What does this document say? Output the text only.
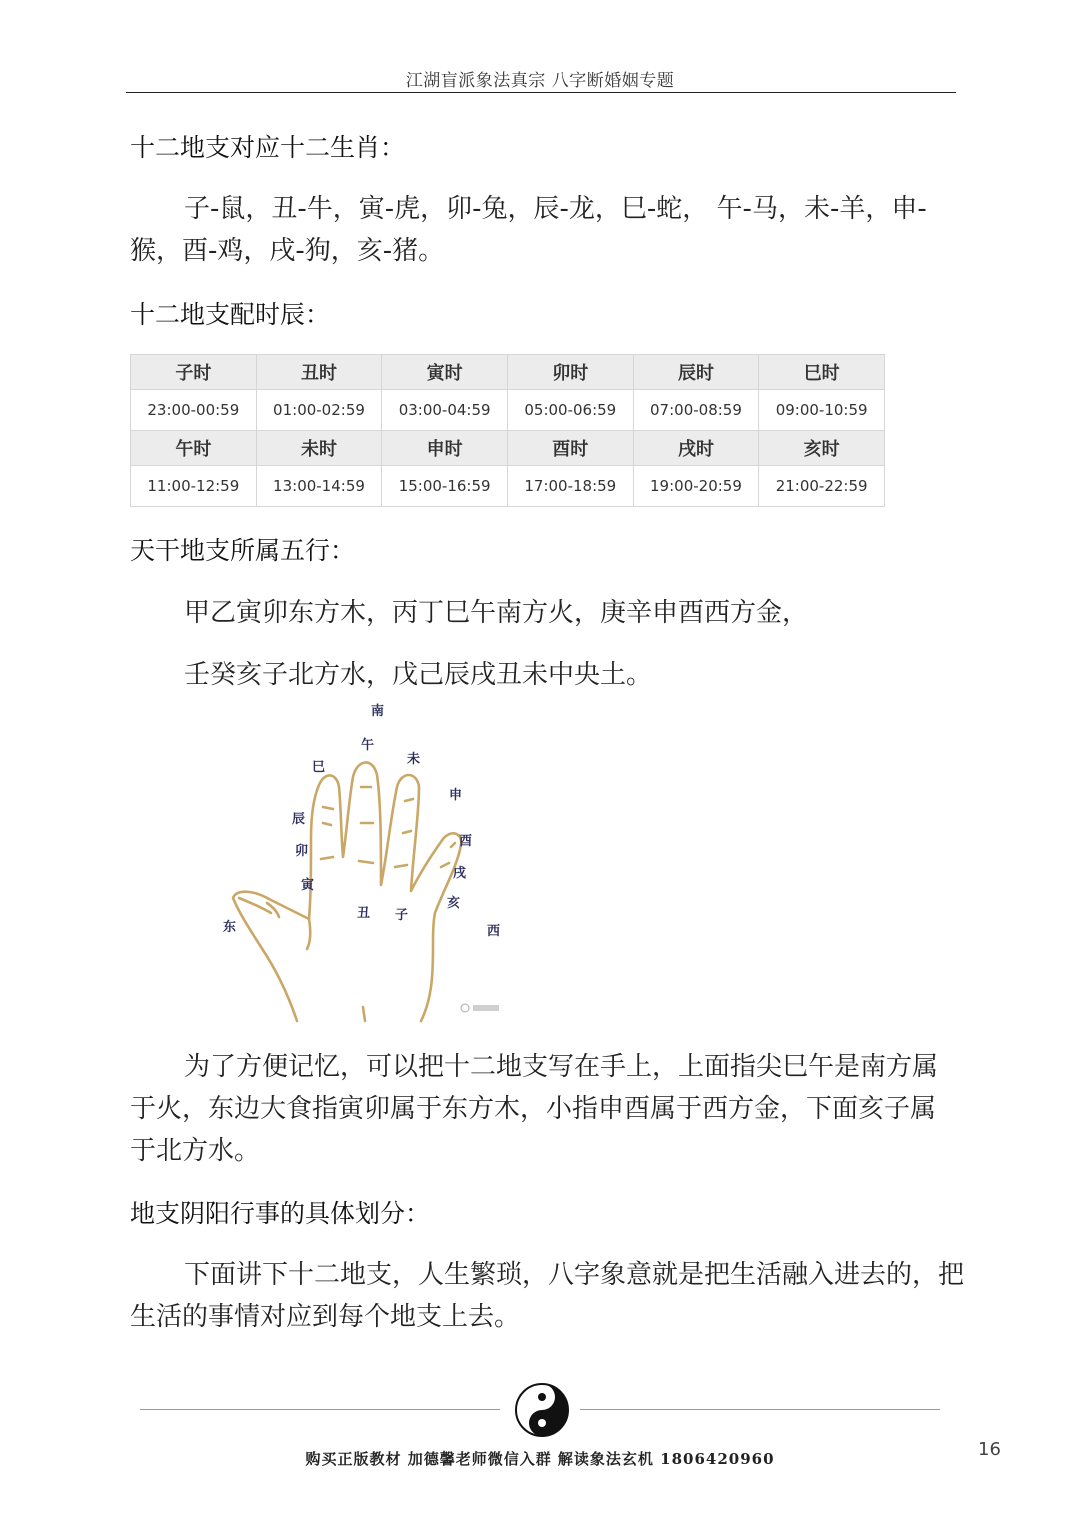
江湖盲派象法真宗 八字断婚姻专题
十二地支对应十二生肖：

子-鼠，丑-牛，寅-虎，卯-兔，辰-龙，巳-蛇， 午-马，未-羊，申-猴，酉-鸡，戌-狗，亥-猪。

十二地支配时辰：
子时	丑时	寅时	卯时	辰时	巳时
23:00-00:59	01:00-02:59	03:00-04:59	05:00-06:59	07:00-08:59	09:00-10:59
午时	未时	申时	酉时	戌时	亥时
11:00-12:59	13:00-14:59	15:00-16:59	17:00-18:59	19:00-20:59	21:00-22:59
天干地支所属五行：
甲乙寅卯东方木，丙丁巳午南方火，庚辛申酉西方金，
壬癸亥子北方水，戊己辰戌丑未中央土。
南
午
巳
未
申
辰
酉
卯
戌
寅
亥
丑 子
东	西

为了方便记忆，可以把十二地支写在手上，上面指尖巳午是南方属于火，东边大食指寅卯属于东方木，小指申酉属于西方金，下面亥子属于北方水。

地支阴阳行事的具体划分：

下面讲下十二地支，人生繁琐，八字象意就是把生活融入进去的，把生活的事情对应到每个地支上去。

购买正版教材 加德馨老师微信入群 解读象法玄机 1806420960	16
